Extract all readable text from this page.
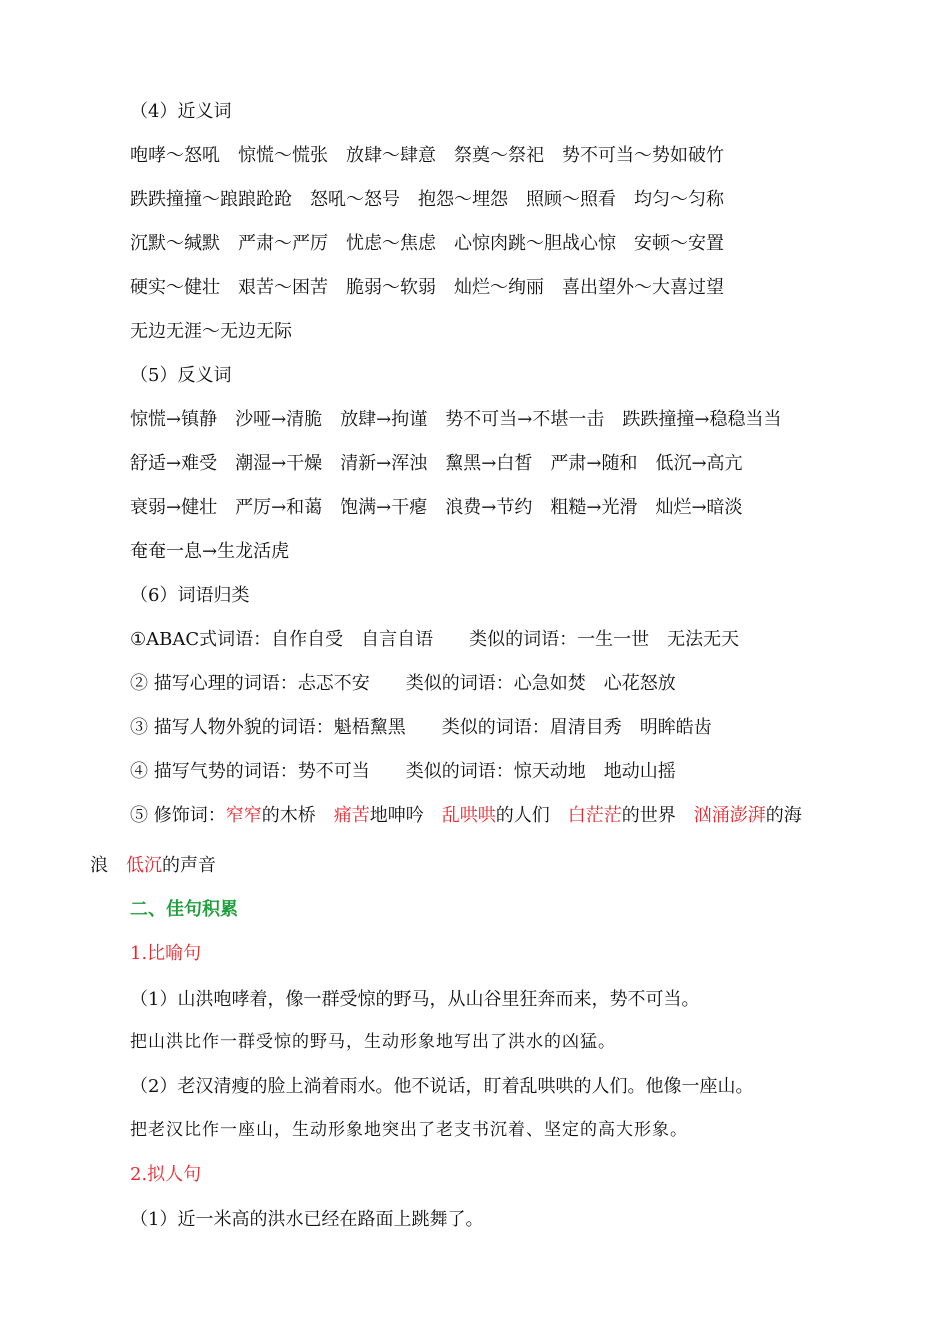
（4）近义词
咆哮～怒吼 惊慌～慌张 放肆～肆意 祭奠～祭祀 势不可当～势如破竹
跌跌撞撞～踉踉跄跄 怒吼～怒号 抱怨～埋怨 照顾～照看 均匀～匀称
沉默～缄默 严肃～严厉 忧虑～焦虑 心惊肉跳～胆战心惊 安顿～安置
硬实～健壮 艰苦～困苦 脆弱～软弱 灿烂～绚丽 喜出望外～大喜过望
无边无涯～无边无际
（5）反义词
惊慌→镇静 沙哑→清脆 放肆→拘谨 势不可当→不堪一击 跌跌撞撞→稳稳当当
舒适→难受 潮湿→干燥 清新→浑浊 黧黑→白皙 严肃→随和 低沉→高亢
衰弱→健壮 严厉→和蔼 饱满→干瘪 浪费→节约 粗糙→光滑 灿烂→暗淡
奄奄一息→生龙活虎
（6）词语归类
①ABAC式词语：自作自受 自言自语 类似的词语：一生一世 无法无天
② 描写心理的词语：忐忑不安 类似的词语：心急如焚 心花怒放
③ 描写人物外貌的词语：魁梧黧黑 类似的词语：眉清目秀 明眸皓齿
④ 描写气势的词语：势不可当 类似的词语：惊天动地 地动山摇
⑤ 修饰词：窄窄的木桥 痛苦地呻吟 乱哄哄的人们 白茫茫的世界 汹涌澎湃的海
浪 低沉的声音
二、佳句积累
1.比喻句
（1）山洪咆哮着，像一群受惊的野马，从山谷里狂奔而来，势不可当。
把山洪比作一群受惊的野马，生动形象地写出了洪水的凶猛。
（2）老汉清瘦的脸上淌着雨水。他不说话，盯着乱哄哄的人们。他像一座山。
把老汉比作一座山，生动形象地突出了老支书沉着、坚定的高大形象。
2.拟人句
（1）近一米高的洪水已经在路面上跳舞了。
